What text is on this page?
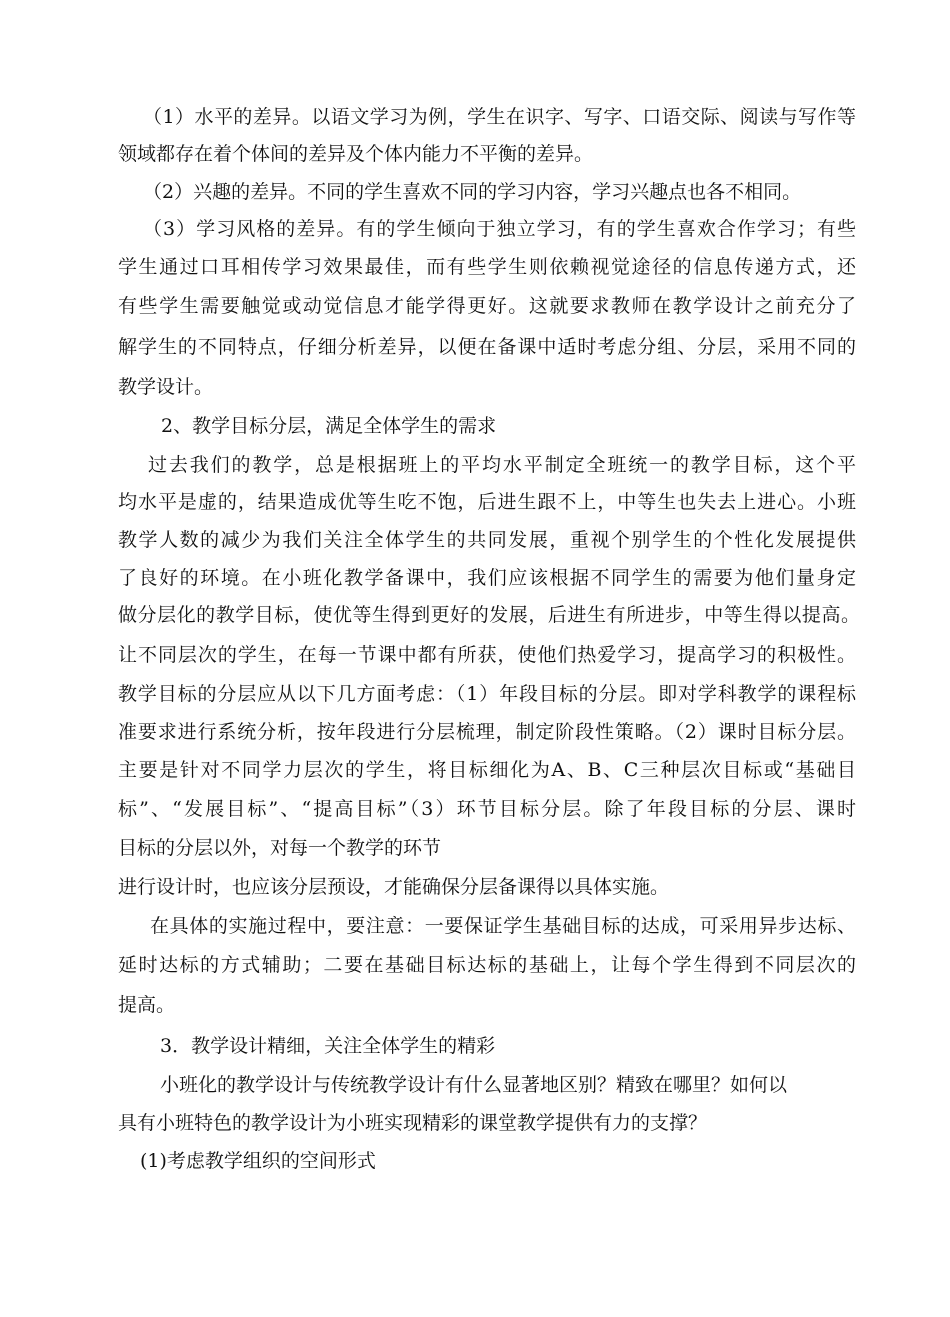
（1）水平的差异。以语文学习为例，学生在识字、写字、口语交际、阅读与写作等
领域都存在着个体间的差异及个体内能力不平衡的差异。
（2）兴趣的差异。不同的学生喜欢不同的学习内容，学习兴趣点也各不相同。
（3）学习风格的差异。有的学生倾向于独立学习，有的学生喜欢合作学习；有些
学生通过口耳相传学习效果最佳，而有些学生则依赖视觉途径的信息传递方式，还
有些学生需要触觉或动觉信息才能学得更好。这就要求教师在教学设计之前充分了
解学生的不同特点，仔细分析差异，以便在备课中适时考虑分组、分层，采用不同的
教学设计。
2、教学目标分层，满足全体学生的需求
过去我们的教学，总是根据班上的平均水平制定全班统一的教学目标，这个平
均水平是虚的，结果造成优等生吃不饱，后进生跟不上，中等生也失去上进心。小班
教学人数的减少为我们关注全体学生的共同发展，重视个别学生的个性化发展提供
了良好的环境。在小班化教学备课中，我们应该根据不同学生的需要为他们量身定
做分层化的教学目标，使优等生得到更好的发展，后进生有所进步，中等生得以提高。
让不同层次的学生，在每一节课中都有所获，使他们热爱学习，提高学习的积极性。
教学目标的分层应从以下几方面考虑：（1）年段目标的分层。即对学科教学的课程标
准要求进行系统分析，按年段进行分层梳理，制定阶段性策略。（2）课时目标分层。
主要是针对不同学力层次的学生，将目标细化为A、B、C三种层次目标或“基础目
标”、“发展目标”、“提高目标”（3）环节目标分层。除了年段目标的分层、课时
目标的分层以外，对每一个教学的环节
进行设计时，也应该分层预设，才能确保分层备课得以具体实施。
在具体的实施过程中，要注意：一要保证学生基础目标的达成，可采用异步达标、
延时达标的方式辅助；二要在基础目标达标的基础上，让每个学生得到不同层次的
提高。
3．教学设计精细，关注全体学生的精彩
小班化的教学设计与传统教学设计有什么显著地区别？精致在哪里？如何以
具有小班特色的教学设计为小班实现精彩的课堂教学提供有力的支撑？
(1)考虑教学组织的空间形式
